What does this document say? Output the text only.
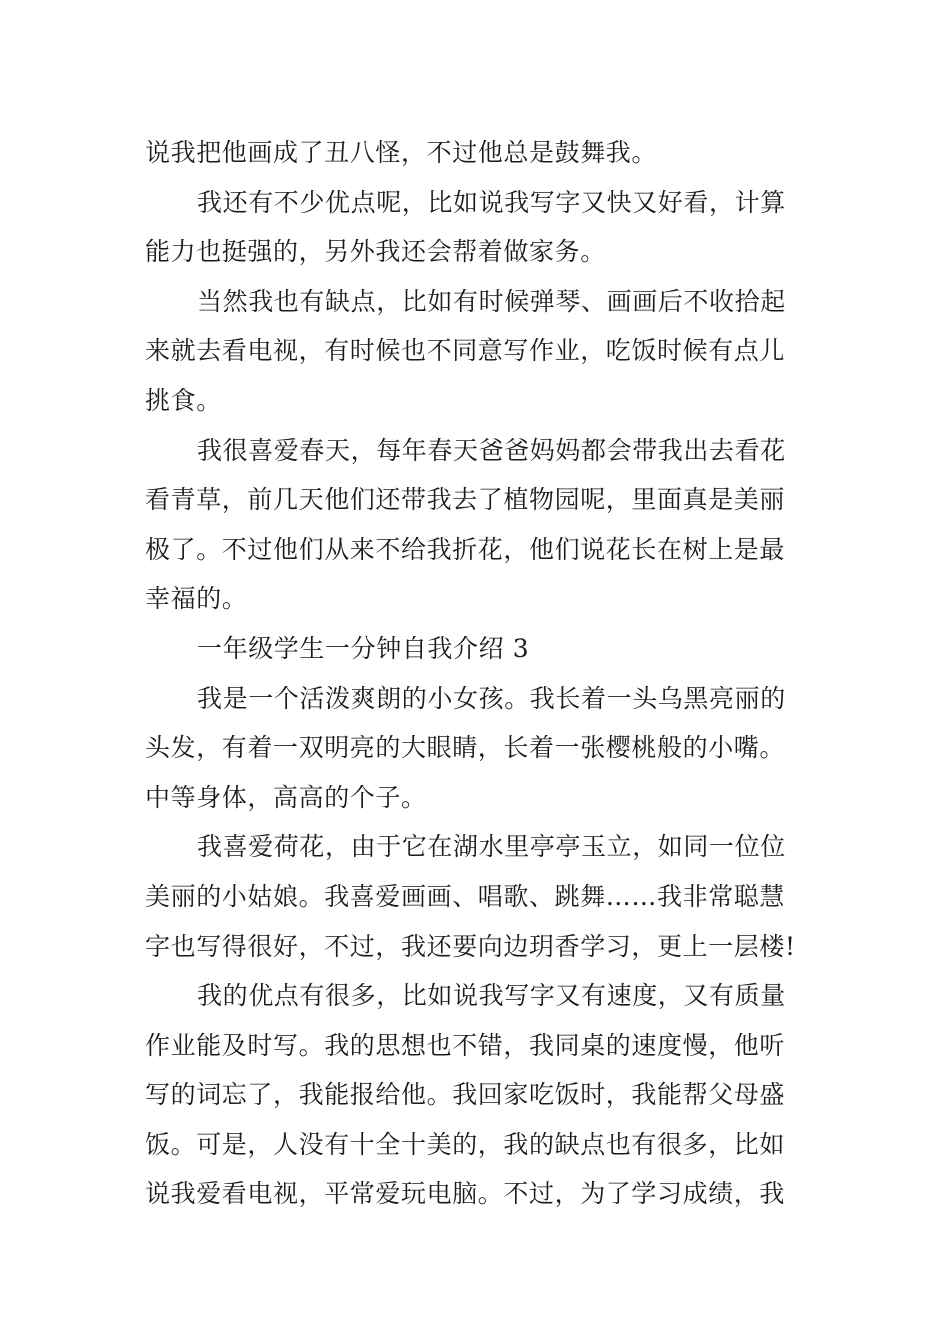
说我把他画成了丑八怪，不过他总是鼓舞我。

我还有不少优点呢，比如说我写字又快又好看，计算

能力也挺强的，另外我还会帮着做家务。

当然我也有缺点，比如有时候弹琴、画画后不收拾起

来就去看电视，有时候也不同意写作业，吃饭时候有点儿

挑食。

我很喜爱春天，每年春天爸爸妈妈都会带我出去看花

看青草，前几天他们还带我去了植物园呢，里面真是美丽

极了。不过他们从来不给我折花，他们说花长在树上是最

幸福的。

一年级学生一分钟自我介绍 3

我是一个活泼爽朗的小女孩。我长着一头乌黑亮丽的

头发，有着一双明亮的大眼睛，长着一张樱桃般的小嘴。

中等身体，高高的个子。

我喜爱荷花，由于它在湖水里亭亭玉立，如同一位位

美丽的小姑娘。我喜爱画画、唱歌、跳舞……我非常聪慧

字也写得很好，不过，我还要向边玥香学习，更上一层楼!

我的优点有很多，比如说我写字又有速度，又有质量

作业能及时写。我的思想也不错，我同桌的速度慢，他听

写的词忘了，我能报给他。我回家吃饭时，我能帮父母盛

饭。可是，人没有十全十美的，我的缺点也有很多，比如

说我爱看电视，平常爱玩电脑。不过，为了学习成绩，我
